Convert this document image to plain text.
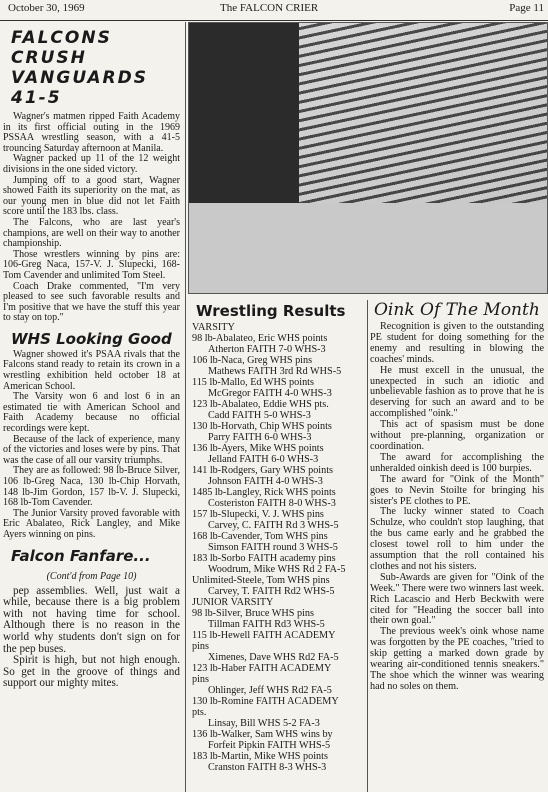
October 30, 1969	The FALCON CRIER	Page 11
FALCONS CRUSH
VANGUARDS 41-5

Wagner's matmen ripped Faith Academy in its first official outing in the 1969 PSSAA wrestling season, with a 41-5 trouncing Saturday afternoon at Manila.

Wagner packed up 11 of the 12 weight divisions in the one sided victory.

Jumping off to a good start, Wagner showed Faith its superiority on the mat, as our young men in blue did not let Faith score until the 183 lbs. class.

The Falcons, who are last year's champions, are well on their way to another championship.

Those wrestlers winning by pins are: 106-Greg Naca, 157-V. J. Slupecki, 168-Tom Cavender and unlimited Tom Steel.

Coach Drake commented, "I'm very pleased to see such favorable results and I'm positive that we have the stuff this year to stay on top."

WHS Looking Good

Wagner showed it's PSAA rivals that the Falcons stand ready to retain its crown in a wrestling exhibition held october 18 at American School.

The Varsity won 6 and lost 6 in an estimated tie with American School and Faith Academy because no official recordings were kept.

Because of the lack of experience, many of the victories and loses were by pins. That was the case of all our varsity triumphs.

They are as followed: 98 lb-Bruce Silver, 106 lb-Greg Naca, 130 lb-Chip Horvath, 148 lb-Jim Gordon, 157 lb-V. J. Slupecki, 168 lb-Tom Cavender.

The Junior Varsity proved favorable with Eric Abalateo, Rick Langley, and Mike Ayers winning on pins.

Falcon Fanfare...
(Cont'd from Page 10)

pep assemblies. Well, just wait a while, because there is a big problem with not having time for school. Although there is no reason in the world why students don't sign on for the pep buses.

Spirit is high, but not high enough. So get in the groove of things and support our mighty mites.

Wrestling Results
VARSITY
98 lb-Abalateo, Eric WHS points
Atherton FAITH 7-0 WHS-3
106 lb-Naca, Greg WHS pins
Mathews FAITH 3rd Rd WHS-5
115 lb-Mallo, Ed WHS points
McGregor FAITH 4-0 WHS-3
123 lb-Abalateo, Eddie WHS pts.
Cadd FAITH 5-0 WHS-3
130 lb-Horvath, Chip WHS points
Parry FAITH 6-0 WHS-3
136 lb-Ayers, Mike WHS points
Jelland FAITH 6-0 WHS-3
141 lb-Rodgers, Gary WHS points
Johnson FAITH 4-0 WHS-3
1485 lb-Langley, Rick WHS points
Costeriston FAITH 8-0 WHS-3
157 lb-Slupecki, V. J. WHS pins
Carvey, C. FAITH Rd 3 WHS-5
168 lb-Cavender, Tom WHS pins
Simson FAITH round 3 WHS-5
183 lb-Sorbo FAITH academy pins
Woodrum, Mike WHS Rd 2 FA-5
Unlimited-Steele, Tom WHS pins
Carvey, T. FAITH Rd2 WHS-5
JUNIOR VARSITY
98 lb-Silver, Bruce WHS pins
Tillman FAITH Rd3 WHS-5
115 lb-Hewell FAITH ACADEMY
pins
Ximenes, Dave WHS Rd2 FA-5
123 lb-Haber FAITH ACADEMY
pins
Ohlinger, Jeff WHS Rd2 FA-5
130 lb-Romine FAITH ACADEMY
pts.
Linsay, Bill WHS 5-2 FA-3
136 lb-Walker, Sam WHS wins by
Forfeit Pipkin FAITH WHS-5
183 lb-Martin, Mike WHS points
Cranston FAITH 8-3 WHS-3
Oink Of The Month

Recognition is given to the outstanding PE student for doing something for the enemy and resulting in blowing the coaches' minds.

He must excell in the unusual, the unexpected in such an idiotic and unbelievable fashion as to prove that he is deserving for such an award and to be accomplished "oink."

This act of spasism must be done without pre-planning, organization or coordination.

The award for accomplishing the unheralded oinkish deed is 100 burpies.

The award for "Oink of the Month" goes to Nevin Stoilte for bringing his sister's PE clothes to PE.

The lucky winner stated to Coach Schulze, who couldn't stop laughing, that the bus came early and he grabbed the closest towel roll to him under the assumption that the roll contained his clothes and not his sisters.

Sub-Awards are given for "Oink of the Week." There were two winners last week. Rich Lacascio and Herb Beckwith were cited for "Heading the soccer ball into their own goal."

The previous week's oink whose name was forgotten by the PE coaches, "tried to skip getting a marked down grade by wearing air-conditioned tennis sneakers." The shoe which the winner was wearing had no soles on them.
